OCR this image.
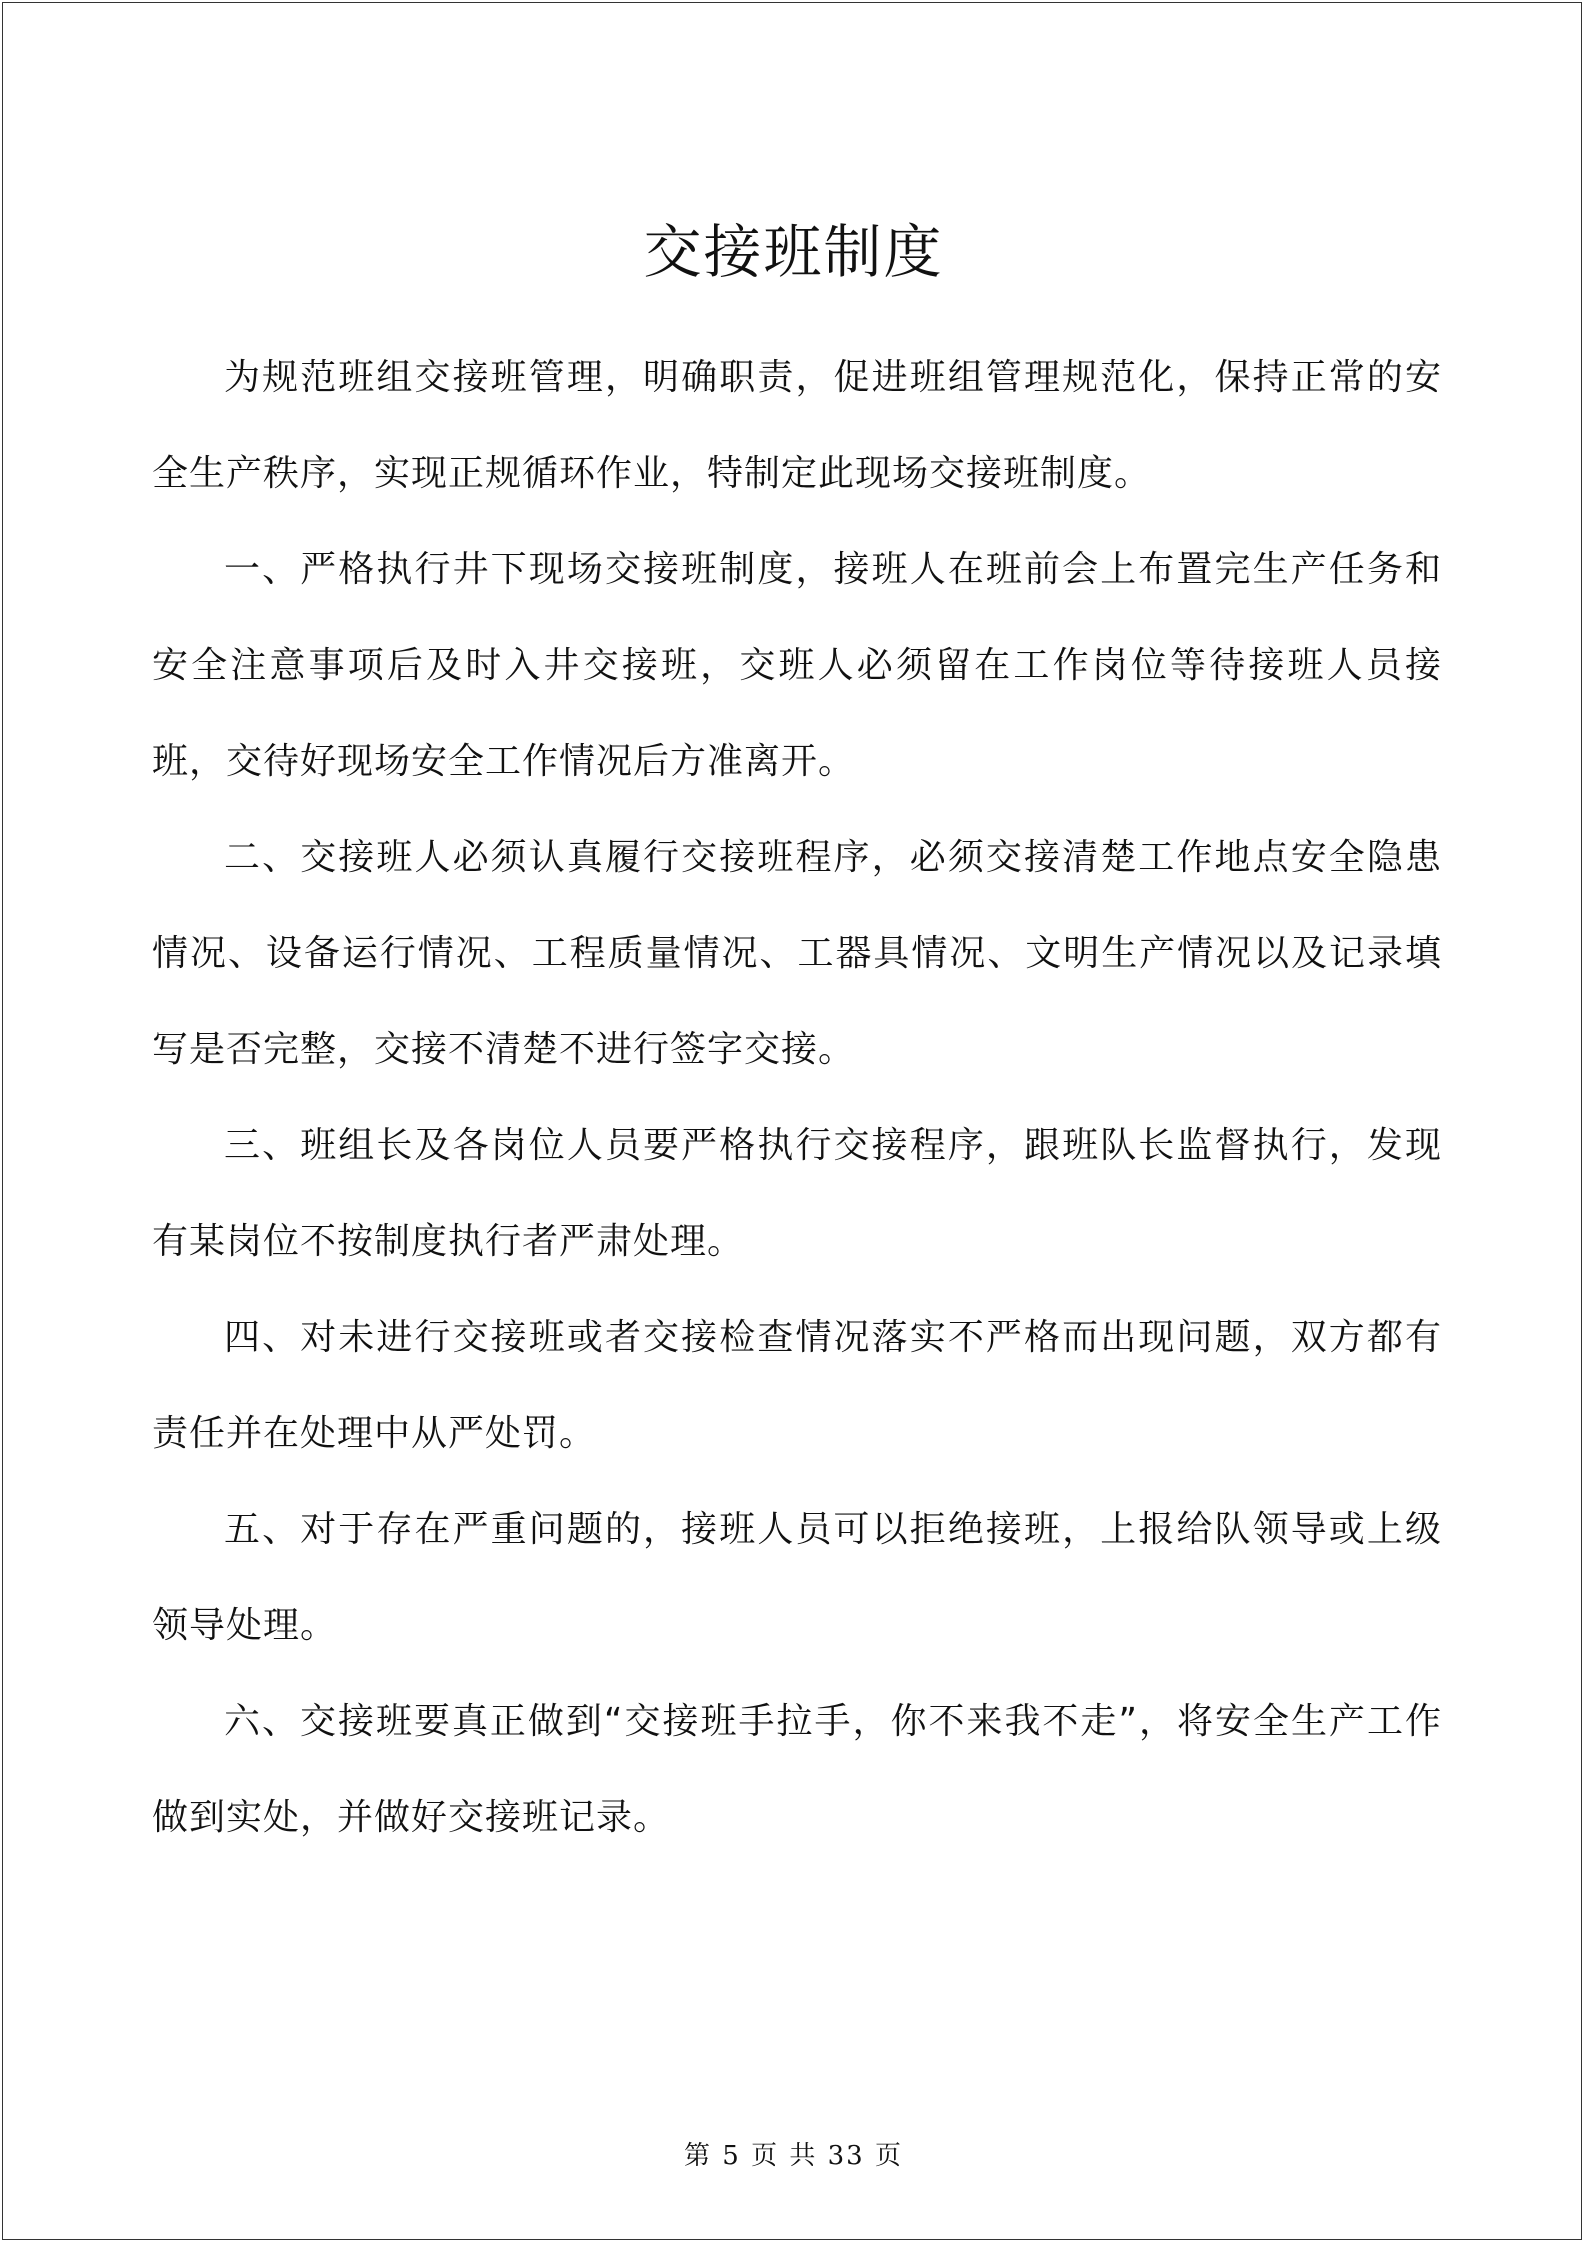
交接班制度

为规范班组交接班管理，明确职责，促进班组管理规范化，保持正常的安全生产秩序，实现正规循环作业，特制定此现场交接班制度。

一、严格执行井下现场交接班制度，接班人在班前会上布置完生产任务和安全注意事项后及时入井交接班，交班人必须留在工作岗位等待接班人员接班，交待好现场安全工作情况后方准离开。

二、交接班人必须认真履行交接班程序，必须交接清楚工作地点安全隐患情况、设备运行情况、工程质量情况、工器具情况、文明生产情况以及记录填写是否完整，交接不清楚不进行签字交接。

三、班组长及各岗位人员要严格执行交接程序，跟班队长监督执行，发现有某岗位不按制度执行者严肃处理。

四、对未进行交接班或者交接检查情况落实不严格而出现问题，双方都有责任并在处理中从严处罚。

五、对于存在严重问题的，接班人员可以拒绝接班，上报给队领导或上级领导处理。

六、交接班要真正做到“交接班手拉手，你不来我不走”，将安全生产工作做到实处，并做好交接班记录。

第 5 页 共 33 页
